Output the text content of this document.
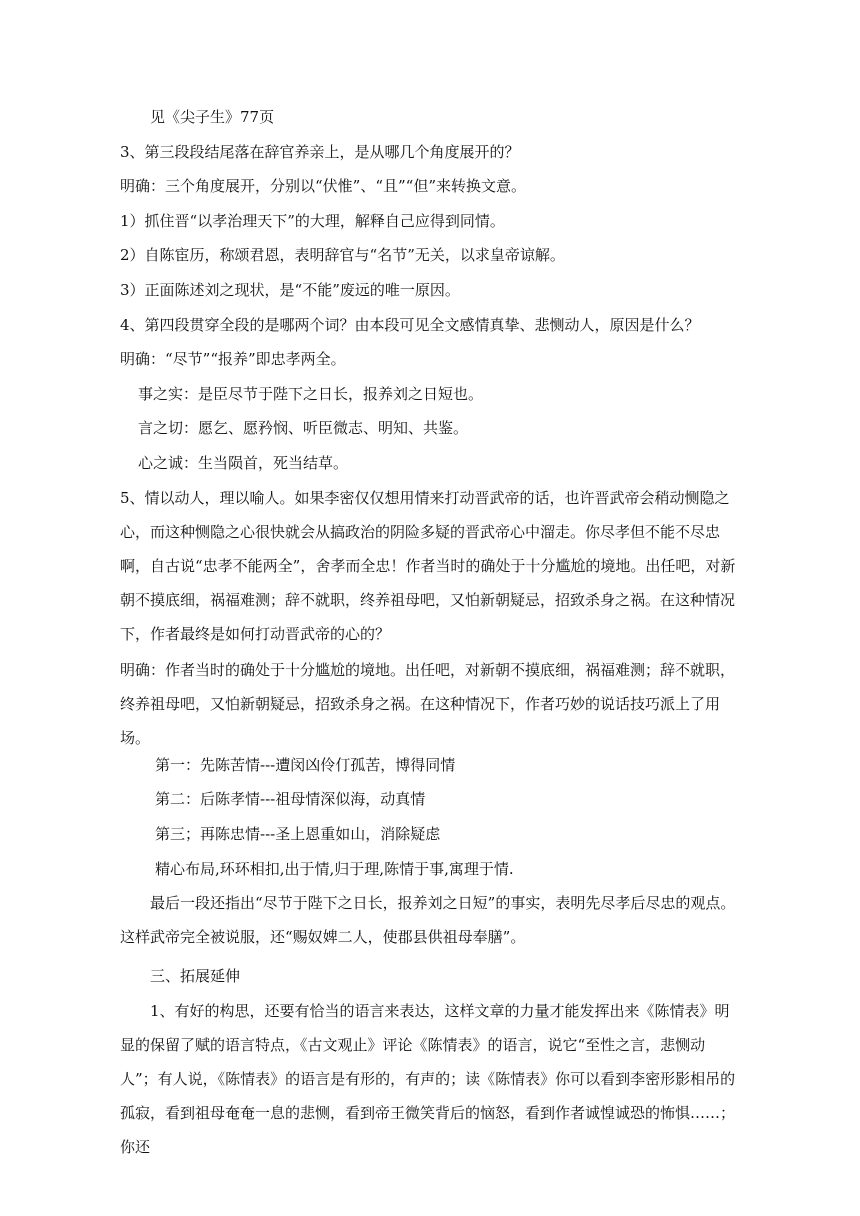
见《尖子生》77页

3、第三段段结尾落在辞官养亲上，是从哪几个角度展开的？

明确：三个角度展开，分别以“伏惟”、“且”“但”来转换文意。

1）抓住晋“以孝治理天下”的大理，解释自己应得到同情。

2）自陈宦历，称颂君恩，表明辞官与“名节”无关，以求皇帝谅解。

3）正面陈述刘之现状，是“不能”废远的唯一原因。

4、第四段贯穿全段的是哪两个词？由本段可见全文感情真挚、悲恻动人，原因是什么？

明确：“尽节”“报养”即忠孝两全。

事之实：是臣尽节于陛下之日长，报养刘之日短也。

言之切：愿乞、愿矜悯、听臣微志、明知、共鉴。

心之诚：生当陨首，死当结草。

5、情以动人，理以喻人。如果李密仅仅想用情来打动晋武帝的话，也许晋武帝会稍动恻隐之心，而这种恻隐之心很快就会从搞政治的阴险多疑的晋武帝心中溜走。你尽孝但不能不尽忠啊，自古说“忠孝不能两全”，舍孝而全忠！作者当时的确处于十分尴尬的境地。出任吧，对新朝不摸底细，祸福难测；辞不就职，终养祖母吧，又怕新朝疑忌，招致杀身之祸。在这种情况下，作者最终是如何打动晋武帝的心的？

明确：作者当时的确处于十分尴尬的境地。出任吧，对新朝不摸底细，祸福难测；辞不就职，终养祖母吧，又怕新朝疑忌，招致杀身之祸。在这种情况下，作者巧妙的说话技巧派上了用场。

第一：先陈苦情---遭闵凶伶仃孤苦，博得同情

第二：后陈孝情---祖母情深似海，动真情

第三；再陈忠情---圣上恩重如山，消除疑虑

精心布局,环环相扣,出于情,归于理,陈情于事,寓理于情.

最后一段还指出“尽节于陛下之日长，报养刘之日短”的事实，表明先尽孝后尽忠的观点。这样武帝完全被说服，还“赐奴婢二人，使郡县供祖母奉膳”。

三、拓展延伸

1、有好的构思，还要有恰当的语言来表达，这样文章的力量才能发挥出来《陈情表》明显的保留了赋的语言特点，《古文观止》评论《陈情表》的语言，说它“至性之言，悲恻动人”；有人说，《陈情表》的语言是有形的，有声的；读《陈情表》你可以看到李密形影相吊的孤寂，看到祖母奄奄一息的悲恻，看到帝王微笑背后的恼怒，看到作者诚惶诚恐的怖惧……；你还
